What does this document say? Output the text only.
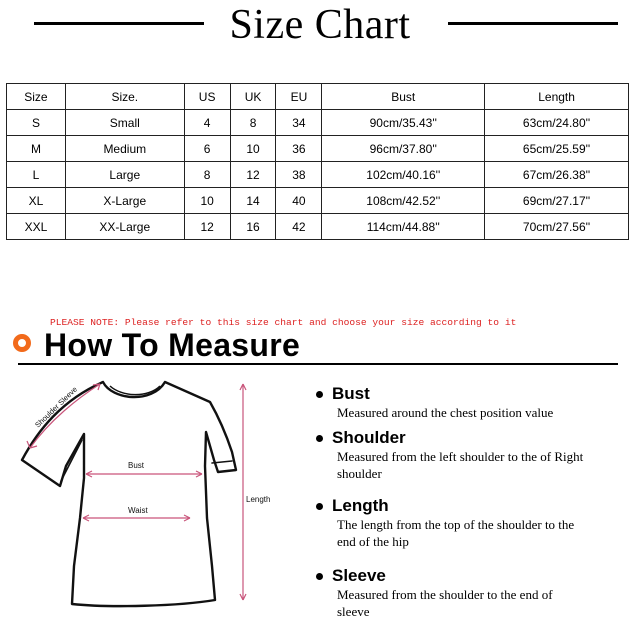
Size Chart
Size	Size.	US	UK	EU	Bust	Length
S	Small	4	8	34	90cm/35.43''	63cm/24.80''
M	Medium	6	10	36	96cm/37.80''	65cm/25.59''
L	Large	8	12	38	102cm/40.16''	67cm/26.38''
XL	X-Large	10	14	40	108cm/42.52''	69cm/27.17''
XXL	XX-Large	12	16	42	114cm/44.88''	70cm/27.56''
PLEASE NOTE: Please refer to this size chart and choose your size according to it
How To Measure
Shoulder Sleeve
Bust
Waist
Length
Bust
Measured around the chest position value
Shoulder
Measured from the left shoulder to the of Right shoulder
Length
The length from the top of the shoulder to the end of the hip
Sleeve
Measured from the shoulder to the end of sleeve
